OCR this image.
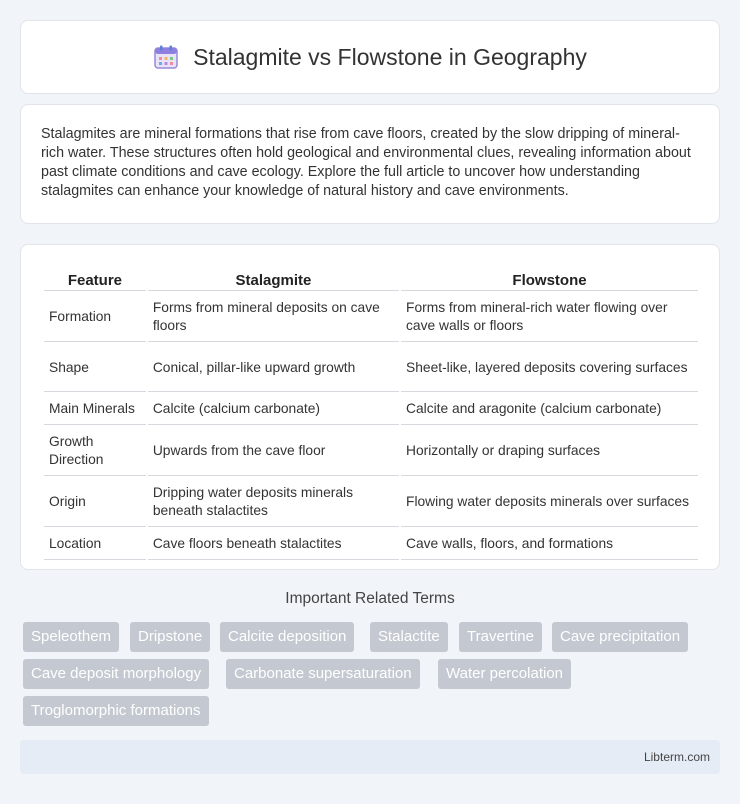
Stalagmite vs Flowstone in Geography

Stalagmites are mineral formations that rise from cave floors, created by the slow dripping of mineral-rich water. These structures often hold geological and environmental clues, revealing information about past climate conditions and cave ecology. Explore the full article to uncover how understanding stalagmites can enhance your knowledge of natural history and cave environments.

Feature	Stalagmite	Flowstone
Formation	Forms from mineral deposits on cave floors	Forms from mineral-rich water flowing over cave walls or floors
Shape	Conical, pillar-like upward growth	Sheet-like, layered deposits covering surfaces
Main Minerals	Calcite (calcium carbonate)	Calcite and aragonite (calcium carbonate)
Growth Direction	Upwards from the cave floor	Horizontally or draping surfaces
Origin	Dripping water deposits minerals beneath stalactites	Flowing water deposits minerals over surfaces
Location	Cave floors beneath stalactites	Cave walls, floors, and formations
Important Related Terms
Speleothem	Dripstone	Calcite deposition	Stalactite	Travertine	Cave precipitation
Cave deposit morphology	Carbonate supersaturation	Water percolation
Troglomorphic formations
Libterm.com
